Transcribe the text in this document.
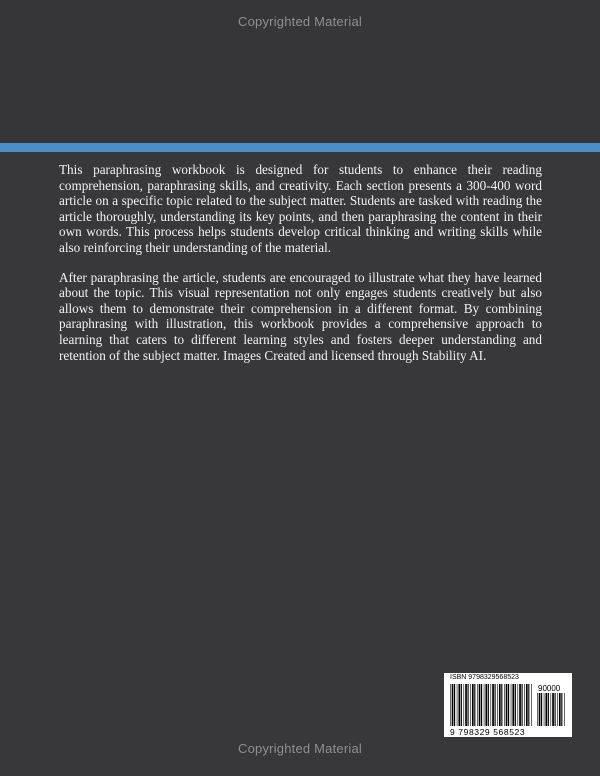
Copyrighted Material

This paraphrasing workbook is designed for students to enhance their reading comprehension, paraphrasing skills, and creativity. Each section presents a 300-400 word article on a specific topic related to the subject matter. Students are tasked with reading the article thoroughly, understanding its key points, and then paraphrasing the content in their own words. This process helps students develop critical thinking and writing skills while also reinforcing their understanding of the material.

After paraphrasing the article, students are encouraged to illustrate what they have learned about the topic. This visual representation not only engages students creatively but also allows them to demonstrate their comprehension in a different format. By combining paraphrasing with illustration, this workbook provides a comprehensive approach to learning that caters to different learning styles and fosters deeper understanding and retention of the subject matter. Images Created and licensed through Stability AI.

ISBN 9798329568523
90000
9 798329 568523
Copyrighted Material
